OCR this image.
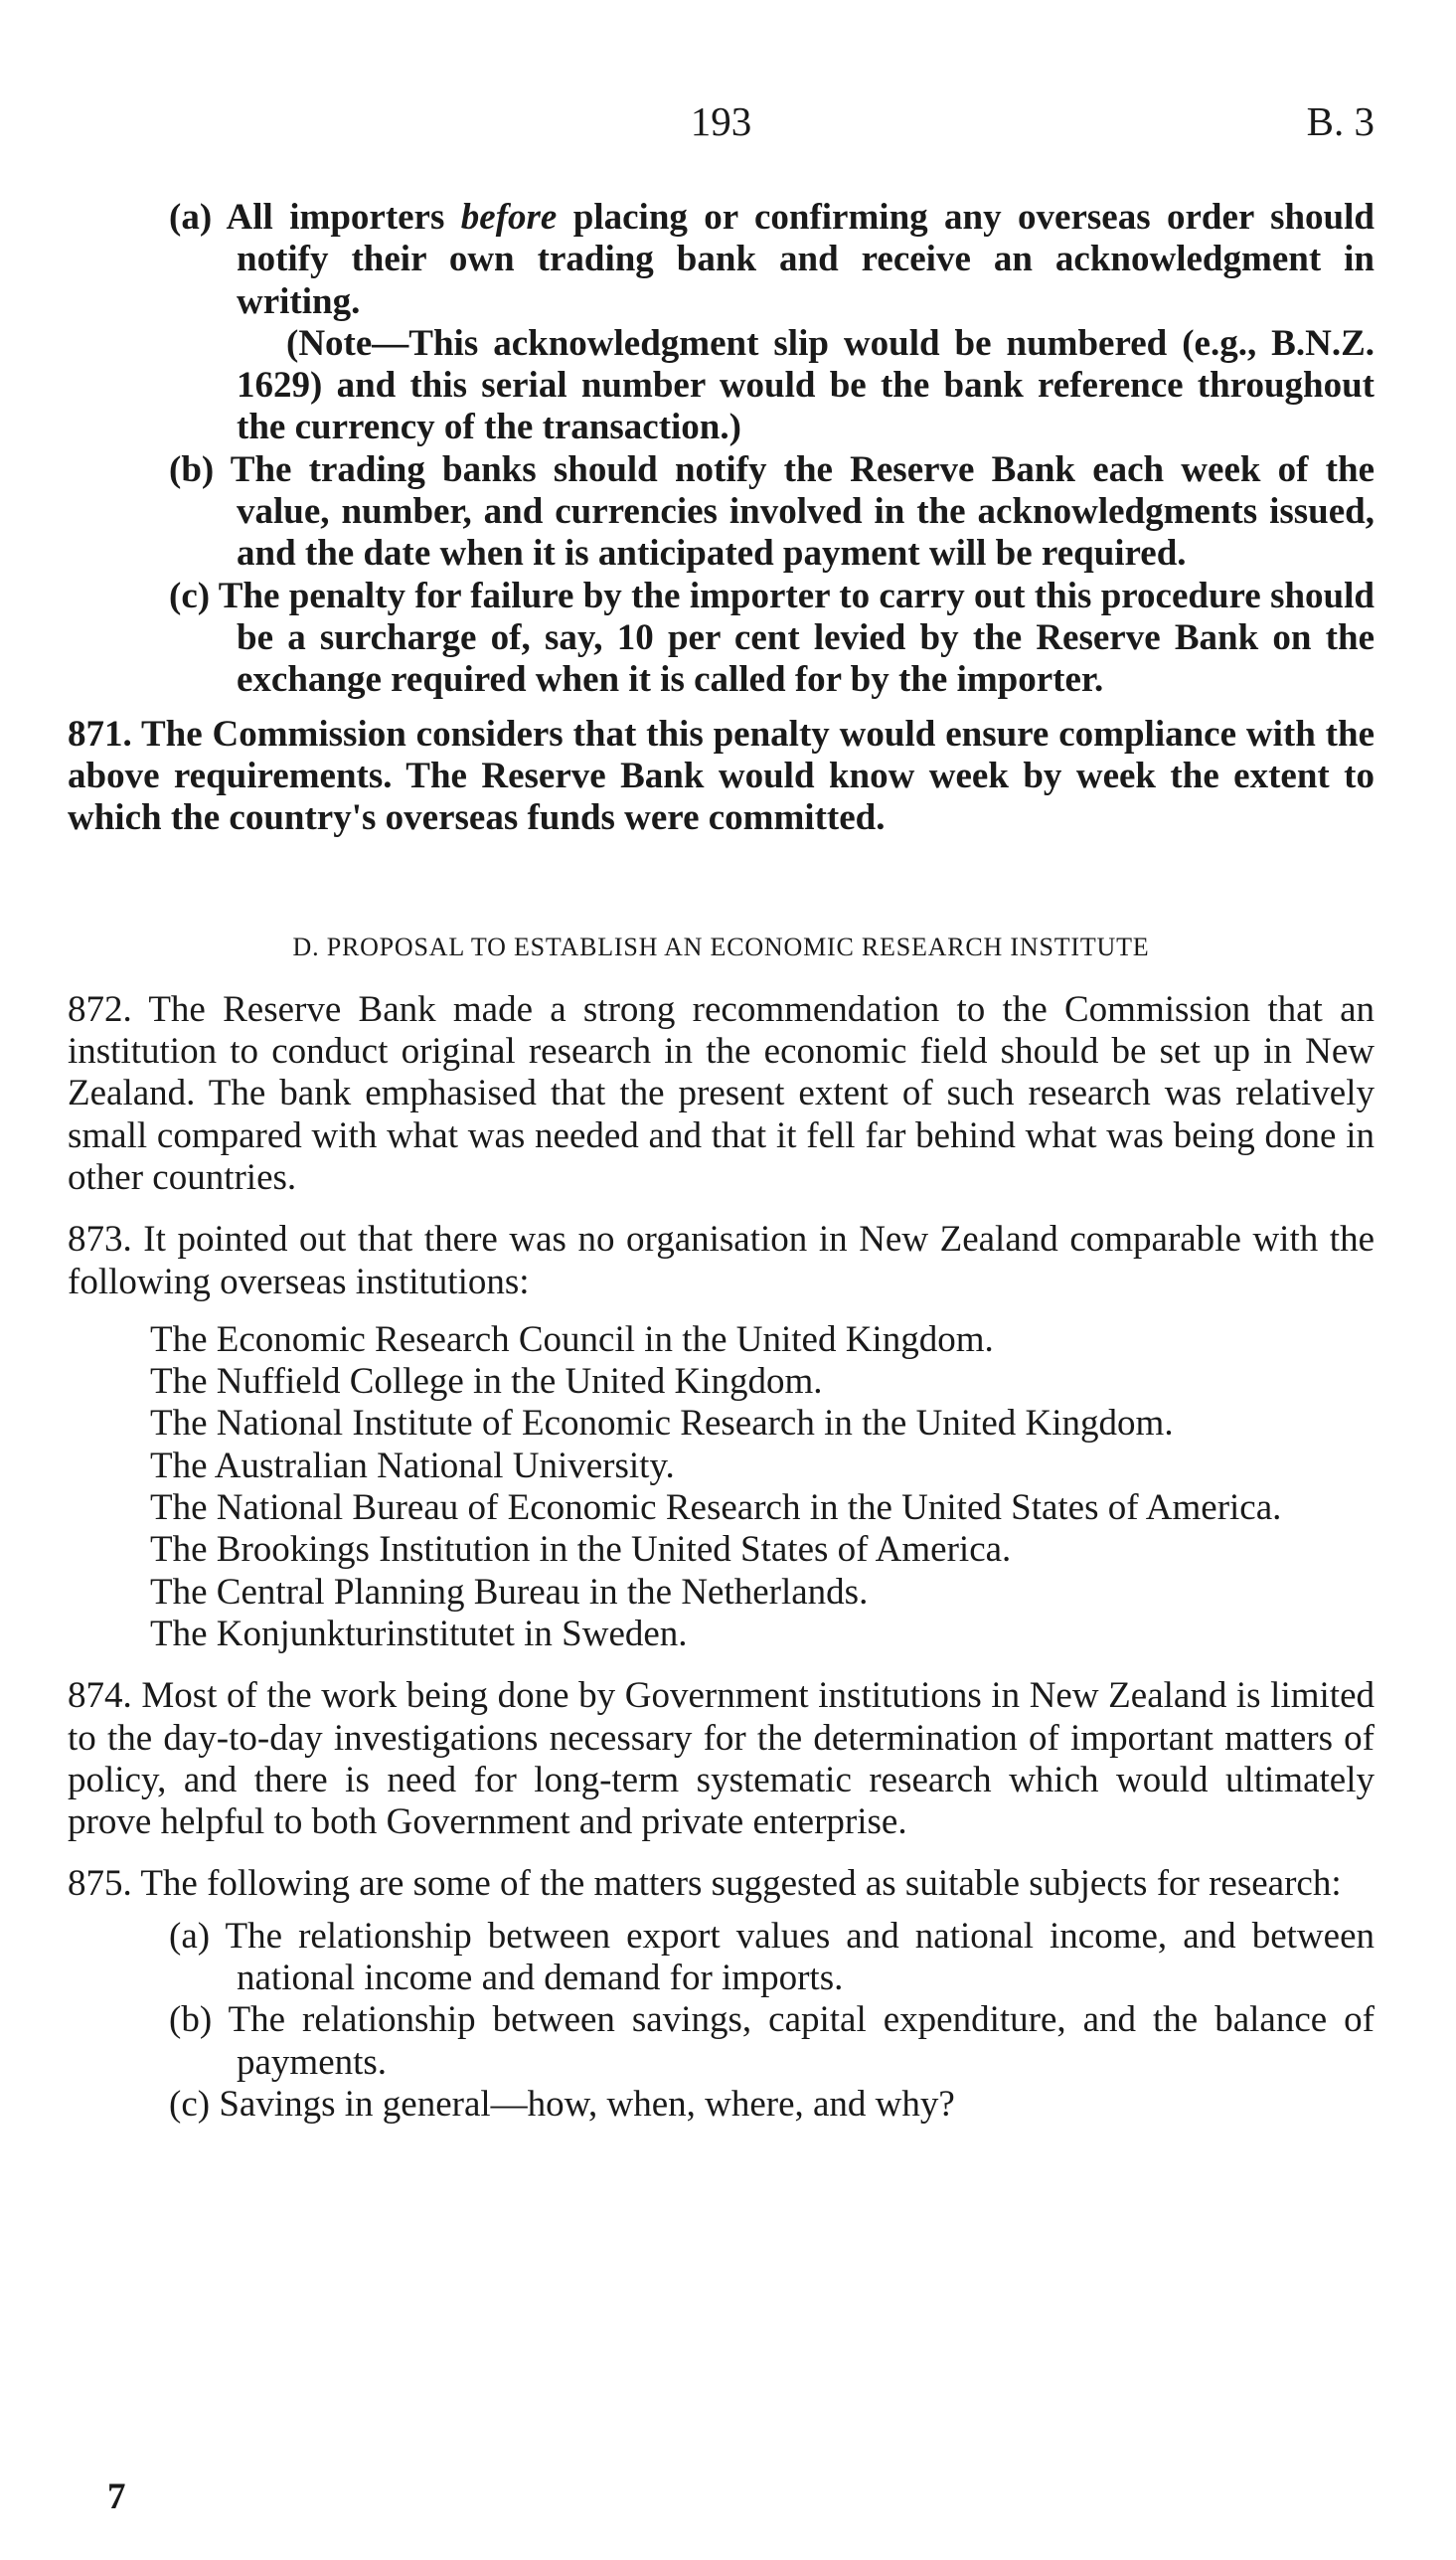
193	B. 3

(a) All importers before placing or confirming any overseas order should notify their own trading bank and receive an acknowledgment in writing.

(Note—This acknowledgment slip would be numbered (e.g., B.N.Z. 1629) and this serial number would be the bank reference throughout the currency of the transaction.)

(b) The trading banks should notify the Reserve Bank each week of the value, number, and currencies involved in the acknowledgments issued, and the date when it is anticipated payment will be required.

(c) The penalty for failure by the importer to carry out this procedure should be a surcharge of, say, 10 per cent levied by the Reserve Bank on the exchange required when it is called for by the importer.

871. The Commission considers that this penalty would ensure compliance with the above requirements. The Reserve Bank would know week by week the extent to which the country's overseas funds were committed.

D. PROPOSAL TO ESTABLISH AN ECONOMIC RESEARCH INSTITUTE

872. The Reserve Bank made a strong recommendation to the Commission that an institution to conduct original research in the economic field should be set up in New Zealand. The bank emphasised that the present extent of such research was relatively small compared with what was needed and that it fell far behind what was being done in other countries.

873. It pointed out that there was no organisation in New Zealand comparable with the following overseas institutions:

The Economic Research Council in the United Kingdom.

The Nuffield College in the United Kingdom.

The National Institute of Economic Research in the United Kingdom.

The Australian National University.

The National Bureau of Economic Research in the United States of America.

The Brookings Institution in the United States of America.

The Central Planning Bureau in the Netherlands.

The Konjunkturinstitutet in Sweden.

874. Most of the work being done by Government institutions in New Zealand is limited to the day-to-day investigations necessary for the determination of important matters of policy, and there is need for long-term systematic research which would ultimately prove helpful to both Government and private enterprise.

875. The following are some of the matters suggested as suitable subjects for research:

(a) The relationship between export values and national income, and between national income and demand for imports.

(b) The relationship between savings, capital expenditure, and the balance of payments.

(c) Savings in general—how, when, where, and why?

7
